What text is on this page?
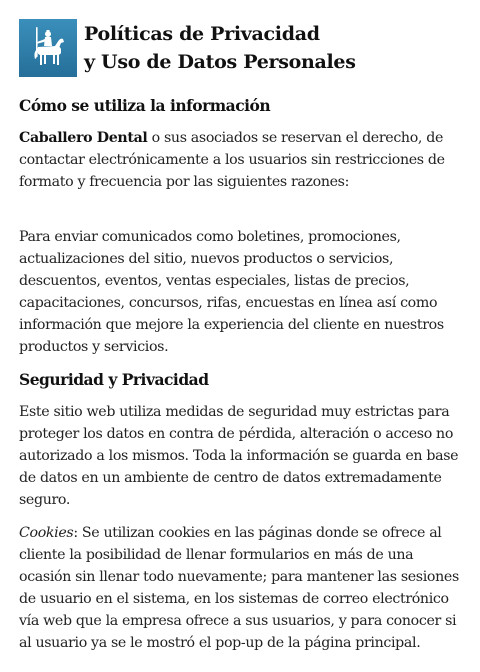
Políticas de Privacidad
y Uso de Datos Personales
Cómo se utiliza la información

Caballero Dental o sus asociados se reservan el derecho, de contactar electrónicamente a los usuarios sin restricciones de formato y frecuencia por las siguientes razones:

Para enviar comunicados como boletines, promociones, actualizaciones del sitio, nuevos productos o servicios, descuentos, eventos, ventas especiales, listas de precios, capacitaciones, concursos, rifas, encuestas en línea así como información que mejore la experiencia del cliente en nuestros productos y servicios.

Seguridad y Privacidad

Este sitio web utiliza medidas de seguridad muy estrictas para proteger los datos en contra de pérdida, alteración o acceso no autorizado a los mismos. Toda la información se guarda en base de datos en un ambiente de centro de datos extremadamente seguro.

Cookies: Se utilizan cookies en las páginas donde se ofrece al cliente la posibilidad de llenar formularios en más de una ocasión sin llenar todo nuevamente; para mantener las sesiones de usuario en el sistema, en los sistemas de correo electrónico vía web que la empresa ofrece a sus usuarios, y para conocer si al usuario ya se le mostró el pop-up de la página principal.
